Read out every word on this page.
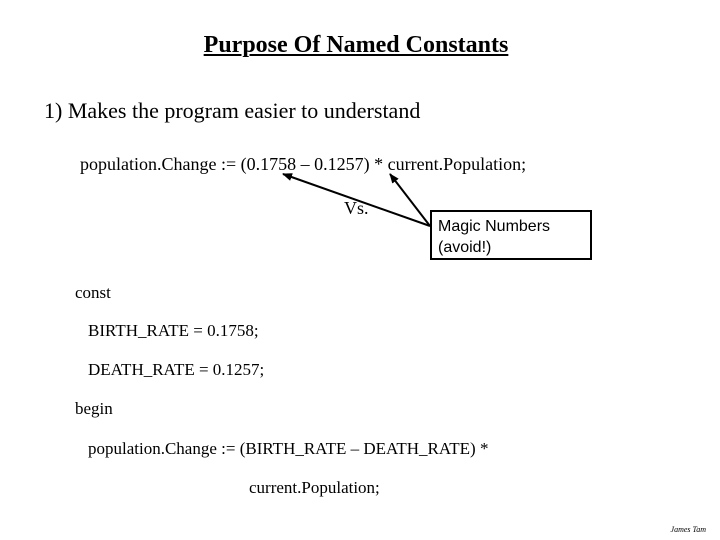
Purpose Of Named Constants
1) Makes the program easier to understand
population.Change := (0.1758 – 0.1257) * current.Population;
Vs.
Magic Numbers
(avoid!)
const
BIRTH_RATE = 0.1758;
DEATH_RATE = 0.1257;
begin
population.Change := (BIRTH_RATE – DEATH_RATE) *
current.Population;
James Tam
